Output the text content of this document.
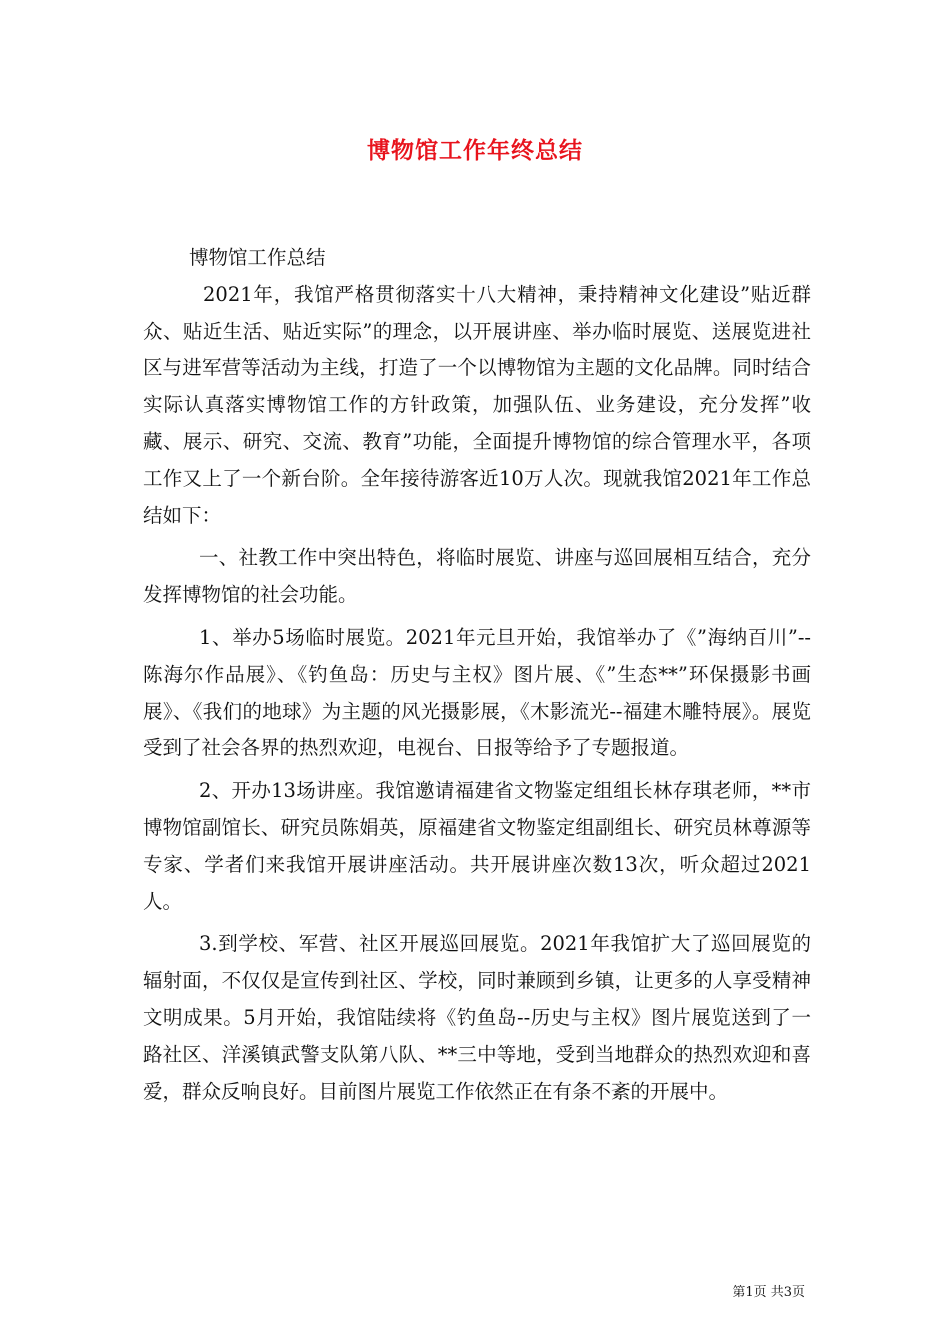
博物馆工作年终总结

博物馆工作总结

2021年，我馆严格贯彻落实十八大精神，秉持精神文化建设”贴近群众、贴近生活、贴近实际”的理念，以开展讲座、举办临时展览、送展览进社区与进军营等活动为主线，打造了一个以博物馆为主题的文化品牌。同时结合实际认真落实博物馆工作的方针政策，加强队伍、业务建设，充分发挥”收藏、展示、研究、交流、教育”功能，全面提升博物馆的综合管理水平，各项工作又上了一个新台阶。全年接待游客近10万人次。现就我馆2021年工作总结如下：

一、社教工作中突出特色，将临时展览、讲座与巡回展相互结合，充分发挥博物馆的社会功能。

1、举办5场临时展览。2021年元旦开始，我馆举办了《”海纳百川”--陈海尔作品展》、《钓鱼岛：历史与主权》图片展、《”生态**”环保摄影书画展》、《我们的地球》为主题的风光摄影展，《木影流光--福建木雕特展》。展览受到了社会各界的热烈欢迎，电视台、日报等给予了专题报道。

2、开办13场讲座。我馆邀请福建省文物鉴定组组长林存琪老师，**市博物馆副馆长、研究员陈娟英，原福建省文物鉴定组副组长、研究员林尊源等专家、学者们来我馆开展讲座活动。共开展讲座次数13次，听众超过2021人。

3.到学校、军营、社区开展巡回展览。2021年我馆扩大了巡回展览的辐射面，不仅仅是宣传到社区、学校，同时兼顾到乡镇，让更多的人享受精神文明成果。5月开始，我馆陆续将《钓鱼岛--历史与主权》图片展览送到了一路社区、洋溪镇武警支队第八队、**三中等地，受到当地群众的热烈欢迎和喜爱，群众反响良好。目前图片展览工作依然正在有条不紊的开展中。

第1页 共3页
